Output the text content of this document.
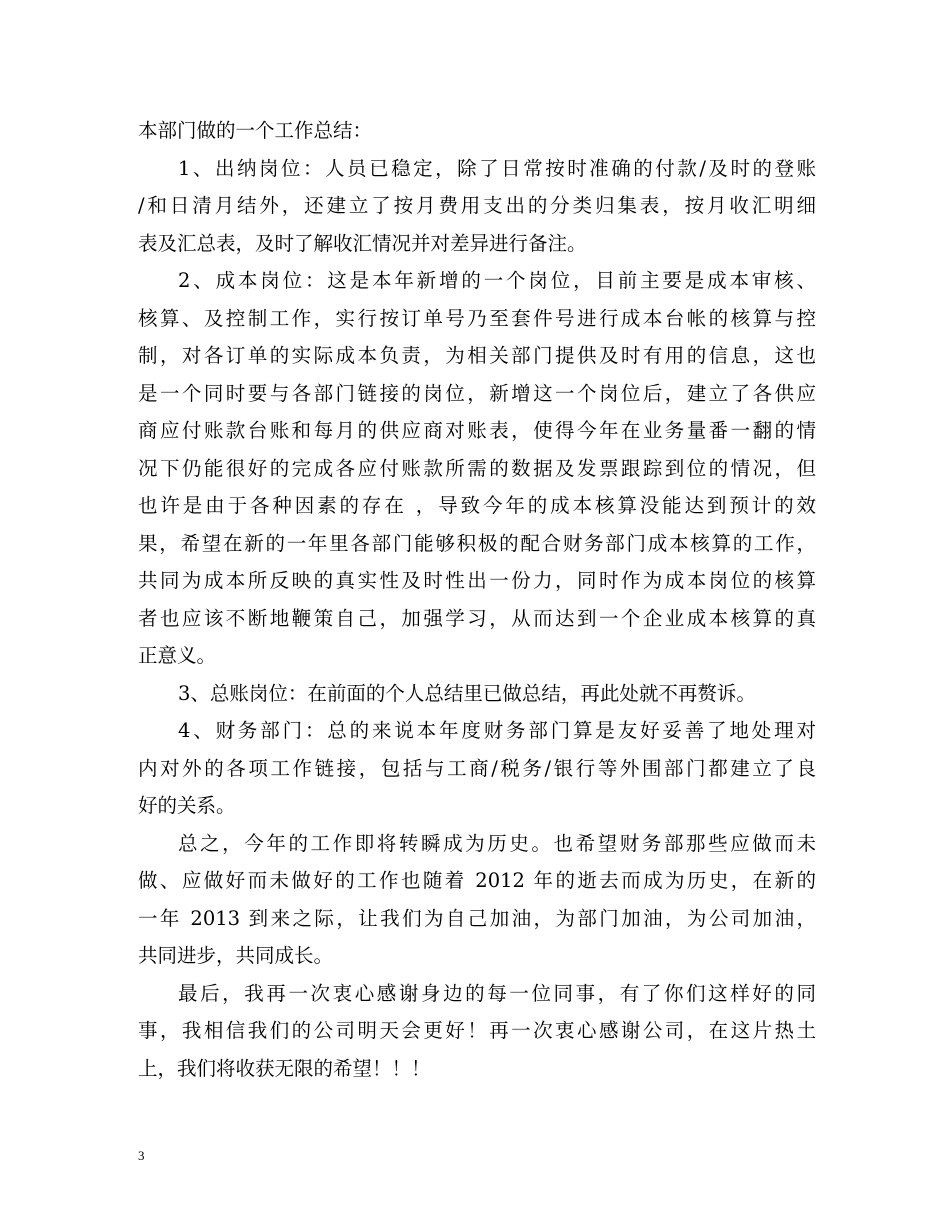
本部门做的一个工作总结：
1、出纳岗位：人员已稳定，除了日常按时准确的付款/及时的登账
/和日清月结外，还建立了按月费用支出的分类归集表，按月收汇明细
表及汇总表，及时了解收汇情况并对差异进行备注。
2、成本岗位：这是本年新增的一个岗位，目前主要是成本审核、
核算、及控制工作，实行按订单号乃至套件号进行成本台帐的核算与控
制，对各订单的实际成本负责，为相关部门提供及时有用的信息，这也
是一个同时要与各部门链接的岗位，新增这一个岗位后，建立了各供应
商应付账款台账和每月的供应商对账表，使得今年在业务量番一翻的情
况下仍能很好的完成各应付账款所需的数据及发票跟踪到位的情况，但
也许是由于各种因素的存在 ，导致今年的成本核算没能达到预计的效
果，希望在新的一年里各部门能够积极的配合财务部门成本核算的工作，
共同为成本所反映的真实性及时性出一份力，同时作为成本岗位的核算
者也应该不断地鞭策自己，加强学习，从而达到一个企业成本核算的真
正意义。
3、总账岗位：在前面的个人总结里已做总结，再此处就不再赘诉。
4、财务部门：总的来说本年度财务部门算是友好妥善了地处理对
内对外的各项工作链接，包括与工商/税务/银行等外围部门都建立了良
好的关系。
总之，今年的工作即将转瞬成为历史。也希望财务部那些应做而未
做、应做好而未做好的工作也随着 2012 年的逝去而成为历史，在新的
一年 2013 到来之际，让我们为自己加油，为部门加油，为公司加油，
共同进步，共同成长。
最后，我再一次衷心感谢身边的每一位同事，有了你们这样好的同
事，我相信我们的公司明天会更好！再一次衷心感谢公司，在这片热土
上，我们将收获无限的希望！！！
3
